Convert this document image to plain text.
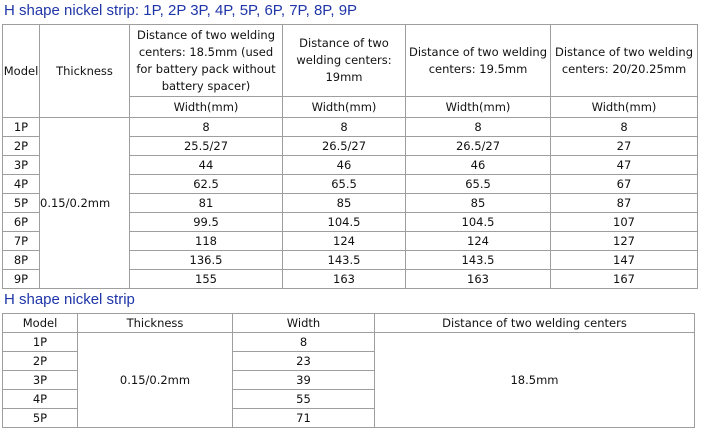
H shape nickel strip: 1P, 2P 3P, 4P, 5P, 6P, 7P, 8P, 9P
Model	Thickness	Distance of two welding centers: 18.5mm (used for battery pack without battery spacer)	Distance of two welding centers: 19mm	Distance of two welding centers: 19.5mm	Distance of two welding centers: 20/20.25mm
		Width(mm)	Width(mm)	Width(mm)	Width(mm)
1P	0.15/0.2mm	8	8	8	8
2P		25.5/27	26.5/27	26.5/27	27
3P		44	46	46	47
4P		62.5	65.5	65.5	67
5P		81	85	85	87
6P		99.5	104.5	104.5	107
7P		118	124	124	127
8P		136.5	143.5	143.5	147
9P		155	163	163	167
H shape nickel strip
Model	Thickness	Width	Distance of two welding centers
1P	0.15/0.2mm	8	18.5mm
2P		23	
3P		39	
4P		55	
5P		71	
